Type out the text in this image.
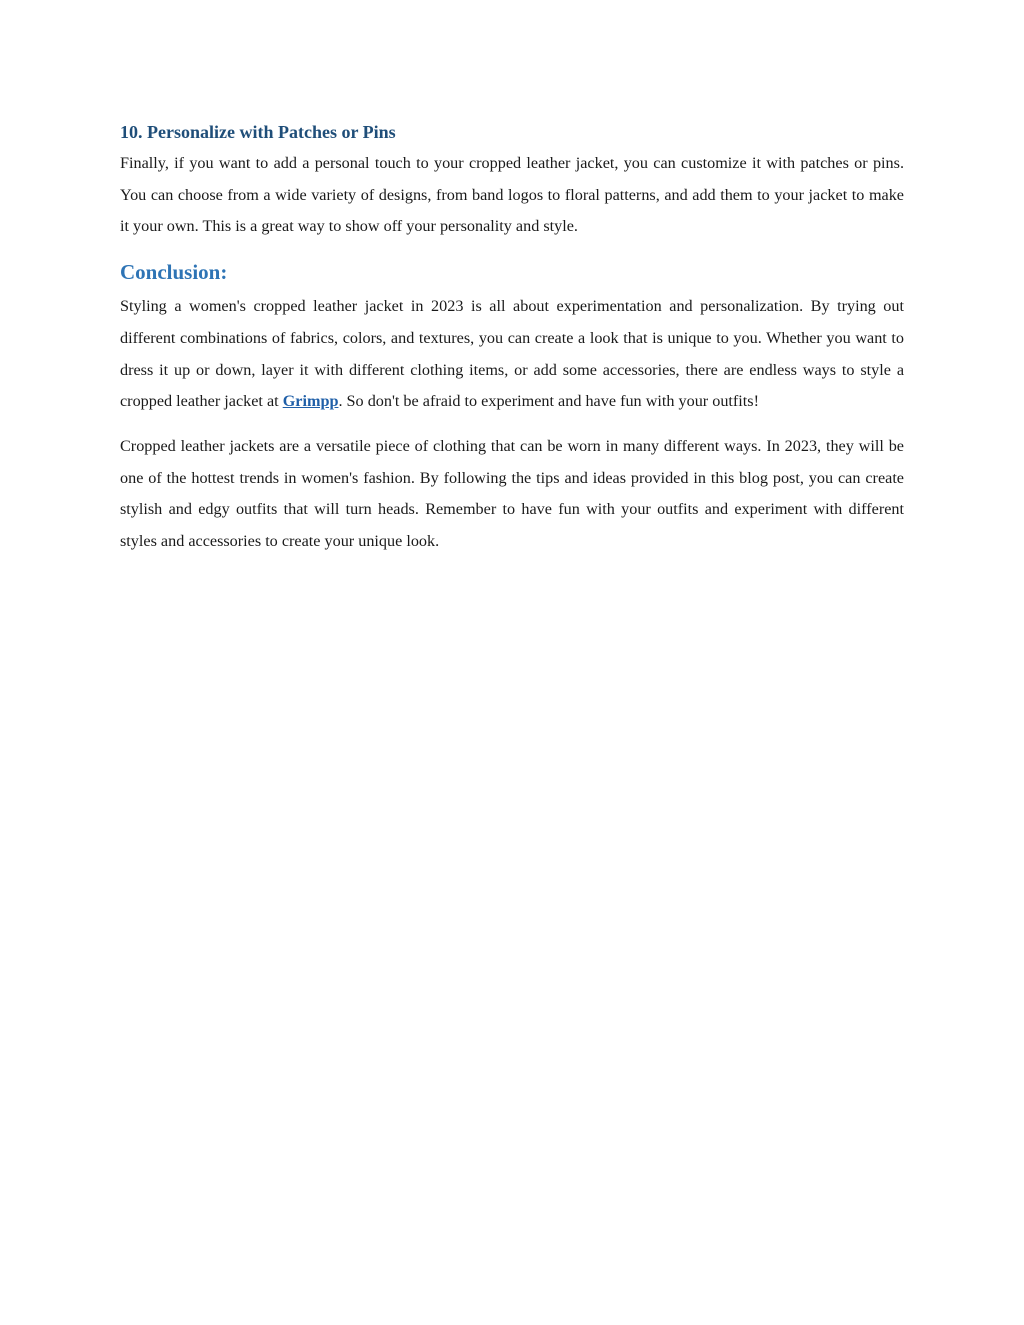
10. Personalize with Patches or Pins

Finally, if you want to add a personal touch to your cropped leather jacket, you can customize it with patches or pins. You can choose from a wide variety of designs, from band logos to floral patterns, and add them to your jacket to make it your own. This is a great way to show off your personality and style.

Conclusion:

Styling a women's cropped leather jacket in 2023 is all about experimentation and personalization. By trying out different combinations of fabrics, colors, and textures, you can create a look that is unique to you. Whether you want to dress it up or down, layer it with different clothing items, or add some accessories, there are endless ways to style a cropped leather jacket at Grimpp. So don't be afraid to experiment and have fun with your outfits!

Cropped leather jackets are a versatile piece of clothing that can be worn in many different ways. In 2023, they will be one of the hottest trends in women's fashion. By following the tips and ideas provided in this blog post, you can create stylish and edgy outfits that will turn heads. Remember to have fun with your outfits and experiment with different styles and accessories to create your unique look.
